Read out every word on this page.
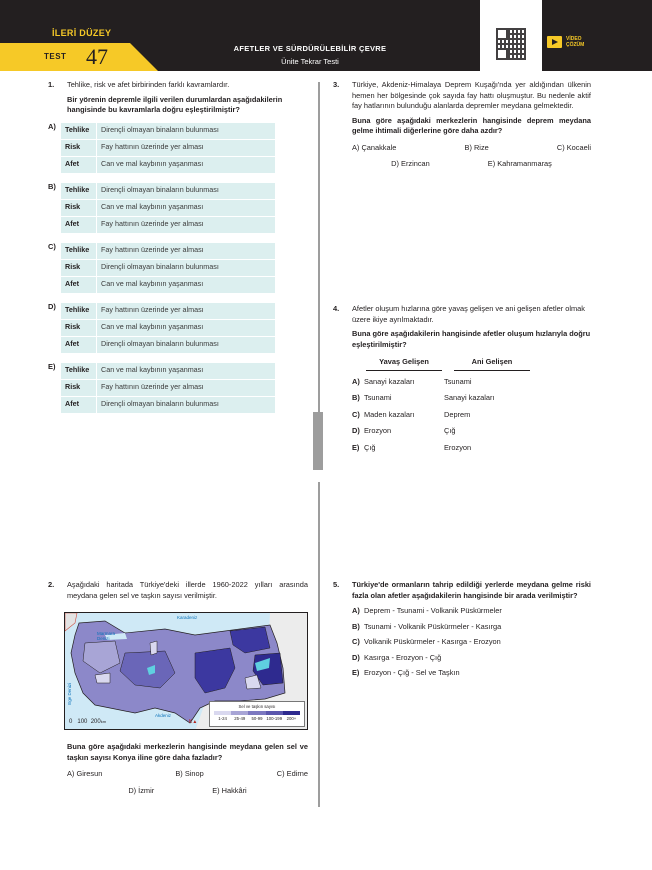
İLERİ DÜZEY
TEST 47	AFETLER VE SÜRDÜRÜLEBİLİR ÇEVRE
Ünite Tekrar Testi
VİDEO
ÇÖZÜM
1. Tehlike, risk ve afet birbirinden farklı kavramlardır.
Bir yörenin depremle ilgili verilen durumlardan aşağıdakilerin hangisinde bu kavramlarla doğru eşleştirilmiştir?
A) Tehlike	Dirençli olmayan binaların bulunması
Risk	Fay hattının üzerinde yer alması
Afet	Can ve mal kaybının yaşanması
B) Tehlike	Dirençli olmayan binaların bulunması
Risk	Can ve mal kaybının yaşanması
Afet	Fay hattının üzerinde yer alması
C) Tehlike	Fay hattının üzerinde yer alması
Risk	Dirençli olmayan binaların bulunması
Afet	Can ve mal kaybının yaşanması
D) Tehlike	Fay hattının üzerinde yer alması
Risk	Can ve mal kaybının yaşanması
Afet	Dirençli olmayan binaların bulunması
E) Tehlike	Can ve mal kaybının yaşanması
Risk	Fay hattının üzerinde yer alması
Afet	Dirençli olmayan binaların bulunması
3. Türkiye, Akdeniz-Himalaya Deprem Kuşağı'nda yer aldığından ülkenin hemen her bölgesinde çok sayıda fay hattı oluşmuştur. Bu nedenle aktif fay hatlarının bulunduğu alanlarda depremler meydana gelmektedir.
Buna göre aşağıdaki merkezlerin hangisinde deprem meydana gelme ihtimali diğerlerine göre daha azdır?
A) Çanakkale	B) Rize	C) Kocaeli
D) Erzincan	E) Kahramanmaraş
4. Afetler oluşum hızlarına göre yavaş gelişen ve ani gelişen afetler olmak üzere ikiye ayrılmaktadır.
Buna göre aşağıdakilerin hangisinde afetler oluşum hızlarıyla doğru eşleştirilmiştir?
Yavaş Gelişen	Ani Gelişen
A) Sanayi kazaları	Tsunami
B) Tsunami	Sanayi kazaları
C) Maden kazaları	Deprem
D) Erozyon	Çığ
E) Çığ	Erozyon
2. Aşağıdaki haritada Türkiye'deki illerde 1960-2022 yılları arasında meydana gelen sel ve taşkın sayısı verilmiştir.
Karadeniz
Marmara Denizi
Ege Denizi
Akdeniz
0 100 200km	K▲
Sel ve taşkın sayısı
1-24	25-49	50-99 100-199	200+
Buna göre aşağıdaki merkezlerin hangisinde meydana gelen sel ve taşkın sayısı Konya iline göre daha fazladır?
A) Giresun	B) Sinop	C) Edirne
D) İzmir	E) Hakkâri
5. Türkiye'de ormanların tahrip edildiği yerlerde meydana gelme riski fazla olan afetler aşağıdakilerin hangisinde bir arada verilmiştir?
A) Deprem - Tsunami - Volkanik Püskürmeler
B) Tsunami - Volkanik Püskürmeler - Kasırga
C) Volkanik Püskürmeler - Kasırga - Erozyon
D) Kasırga - Erozyon - Çığ
E) Erozyon - Çığ - Sel ve Taşkın
